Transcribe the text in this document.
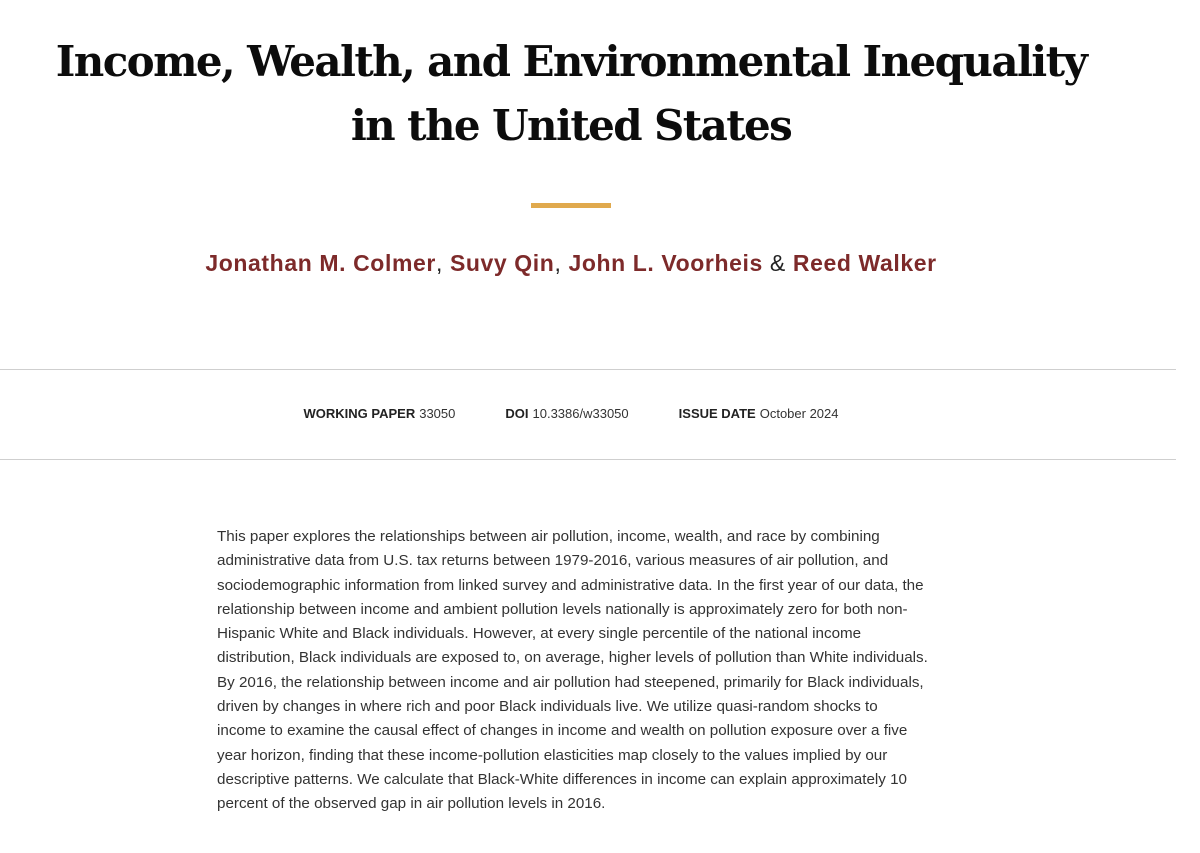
Income, Wealth, and Environmental Inequality
in the United States
Jonathan M. Colmer, Suvy Qin, John L. Voorheis & Reed Walker
WORKING PAPER 33050	DOI 10.3386/w33050	ISSUE DATE October 2024

This paper explores the relationships between air pollution, income, wealth, and race by combining administrative data from U.S. tax returns between 1979-2016, various measures of air pollution, and sociodemographic information from linked survey and administrative data. In the first year of our data, the relationship between income and ambient pollution levels nationally is approximately zero for both non-Hispanic White and Black individuals. However, at every single percentile of the national income distribution, Black individuals are exposed to, on average, higher levels of pollution than White individuals. By 2016, the relationship between income and air pollution had steepened, primarily for Black individuals, driven by changes in where rich and poor Black individuals live. We utilize quasi-random shocks to income to examine the causal effect of changes in income and wealth on pollution exposure over a five year horizon, finding that these income-pollution elasticities map closely to the values implied by our descriptive patterns. We calculate that Black-White differences in income can explain approximately 10 percent of the observed gap in air pollution levels in 2016.
